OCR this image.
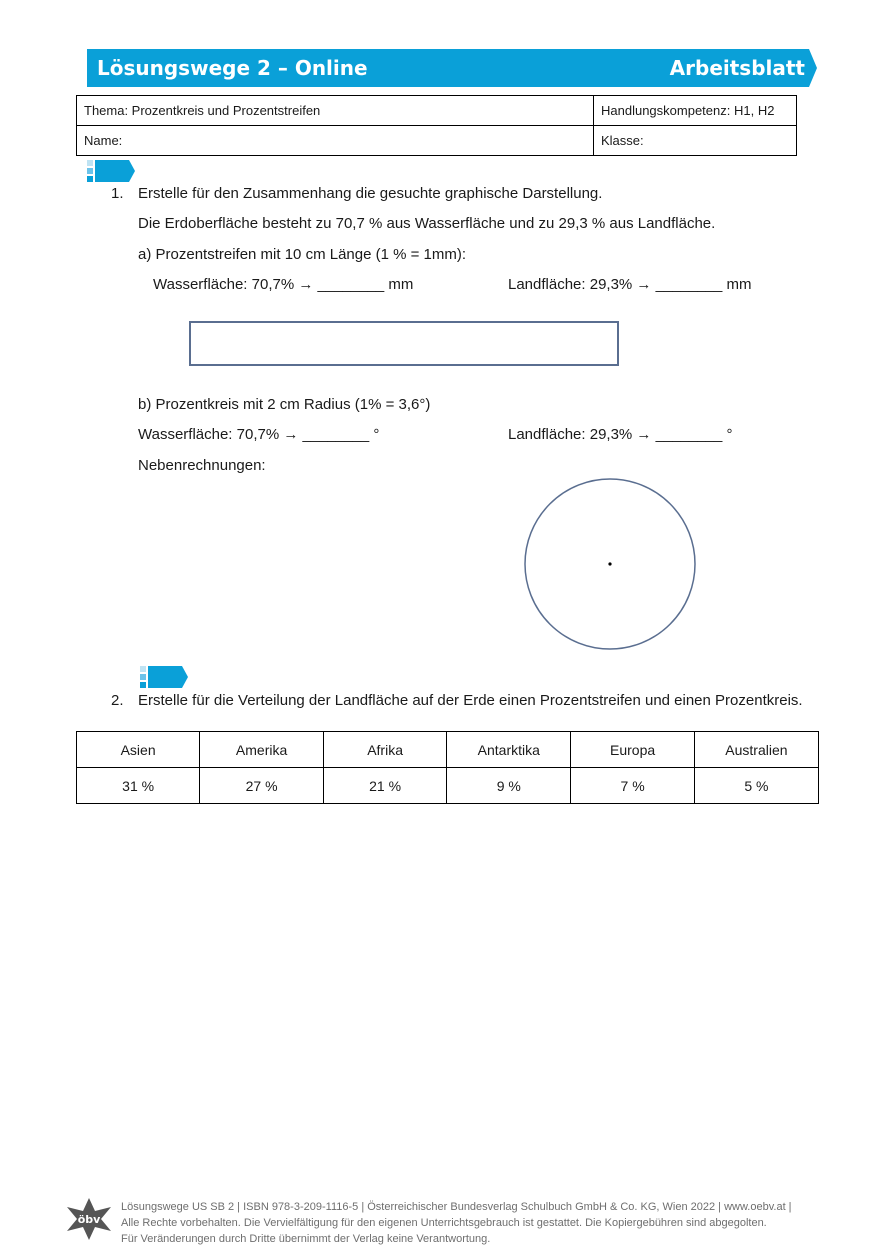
Lösungswege 2 – Online	Arbeitsblatt
Thema: Prozentkreis und Prozentstreifen	Handlungskompetenz: H1, H2
Name:	Klasse:
1. Erstelle für den Zusammenhang die gesuchte graphische Darstellung.
Die Erdoberfläche besteht zu 70,7 % aus Wasserfläche und zu 29,3 % aus Landfläche.
a) Prozentstreifen mit 10 cm Länge (1 % = 1mm):
Wasserfläche: 70,7% → ________ mm	Landfläche: 29,3% → ________ mm
b) Prozentkreis mit 2 cm Radius (1% = 3,6°)
Wasserfläche: 70,7% → ________ °	Landfläche: 29,3% → ________ °
Nebenrechnungen:
2. Erstelle für die Verteilung der Landfläche auf der Erde einen Prozentstreifen und einen Prozentkreis.
Asien	Amerika	Afrika	Antarktika	Europa	Australien
31 %	27 %	21 %	9 %	7 %	5 %
öbv
Lösungswege US SB 2 | ISBN 978-3-209-1116-5 | Österreichischer Bundesverlag Schulbuch GmbH & Co. KG, Wien 2022 | www.oebv.at |
Alle Rechte vorbehalten. Die Vervielfältigung für den eigenen Unterrichtsgebrauch ist gestattet. Die Kopiergebühren sind abgegolten.
Für Veränderungen durch Dritte übernimmt der Verlag keine Verantwortung.
